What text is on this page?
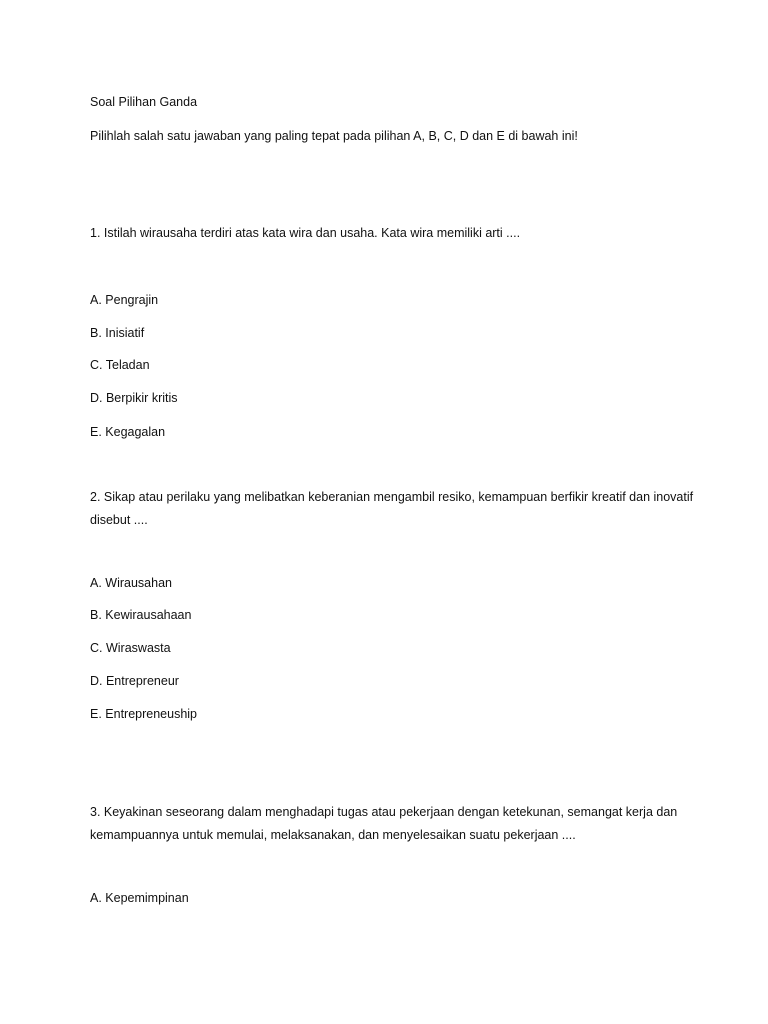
Soal Pilihan Ganda
Pilihlah salah satu jawaban yang paling tepat pada pilihan A, B, C, D dan E di bawah ini!
1. Istilah wirausaha terdiri atas kata wira dan usaha. Kata wira memiliki arti ....
A. Pengrajin
B. Inisiatif
C. Teladan
D. Berpikir kritis
E. Kegagalan
2. Sikap atau perilaku yang melibatkan keberanian mengambil resiko, kemampuan berfikir kreatif dan inovatif disebut ....
A. Wirausahan
B. Kewirausahaan
C. Wiraswasta
D. Entrepreneur
E. Entrepreneuship
3. Keyakinan seseorang dalam menghadapi tugas atau pekerjaan dengan ketekunan, semangat kerja dan kemampuannya untuk memulai, melaksanakan, dan menyelesaikan suatu pekerjaan ....
A. Kepemimpinan
